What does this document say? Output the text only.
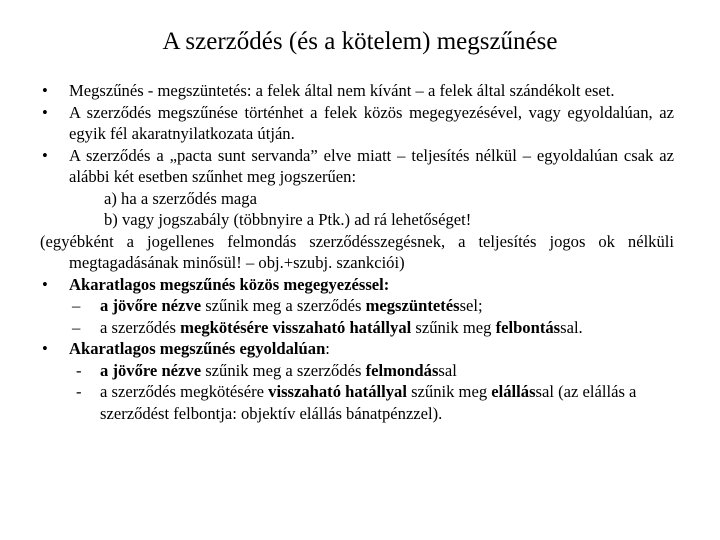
A szerződés (és a kötelem) megszűnése
• Megszűnés - megszüntetés: a felek által nem kívánt – a felek által szándékolt eset.
• A szerződés megszűnése történhet a felek közös megegyezésével, vagy egyoldalúan, az egyik fél akaratnyilatkozata útján.
• A szerződés a „pacta sunt servanda” elve miatt – teljesítés nélkül – egyoldalúan csak az alábbi két esetben szűnhet meg jogszerűen:
a) ha a szerződés maga
b) vagy jogszabály (többnyire a Ptk.) ad rá lehetőséget!
(egyébként a jogellenes felmondás szerződésszegésnek, a teljesítés jogos ok nélküli megtagadásának minősül! – obj.+szubj. szankciói)
• Akaratlagos megszűnés közös megegyezéssel:
– a jövőre nézve szűnik meg a szerződés megszüntetéssel;
– a szerződés megkötésére visszaható hatállyal szűnik meg felbontással.
• Akaratlagos megszűnés egyoldalúan:
- a jövőre nézve szűnik meg a szerződés felmondással
- a szerződés megkötésére visszaható hatállyal szűnik meg elállással (az elállás a szerződést felbontja: objektív elállás bánatpénzzel).
